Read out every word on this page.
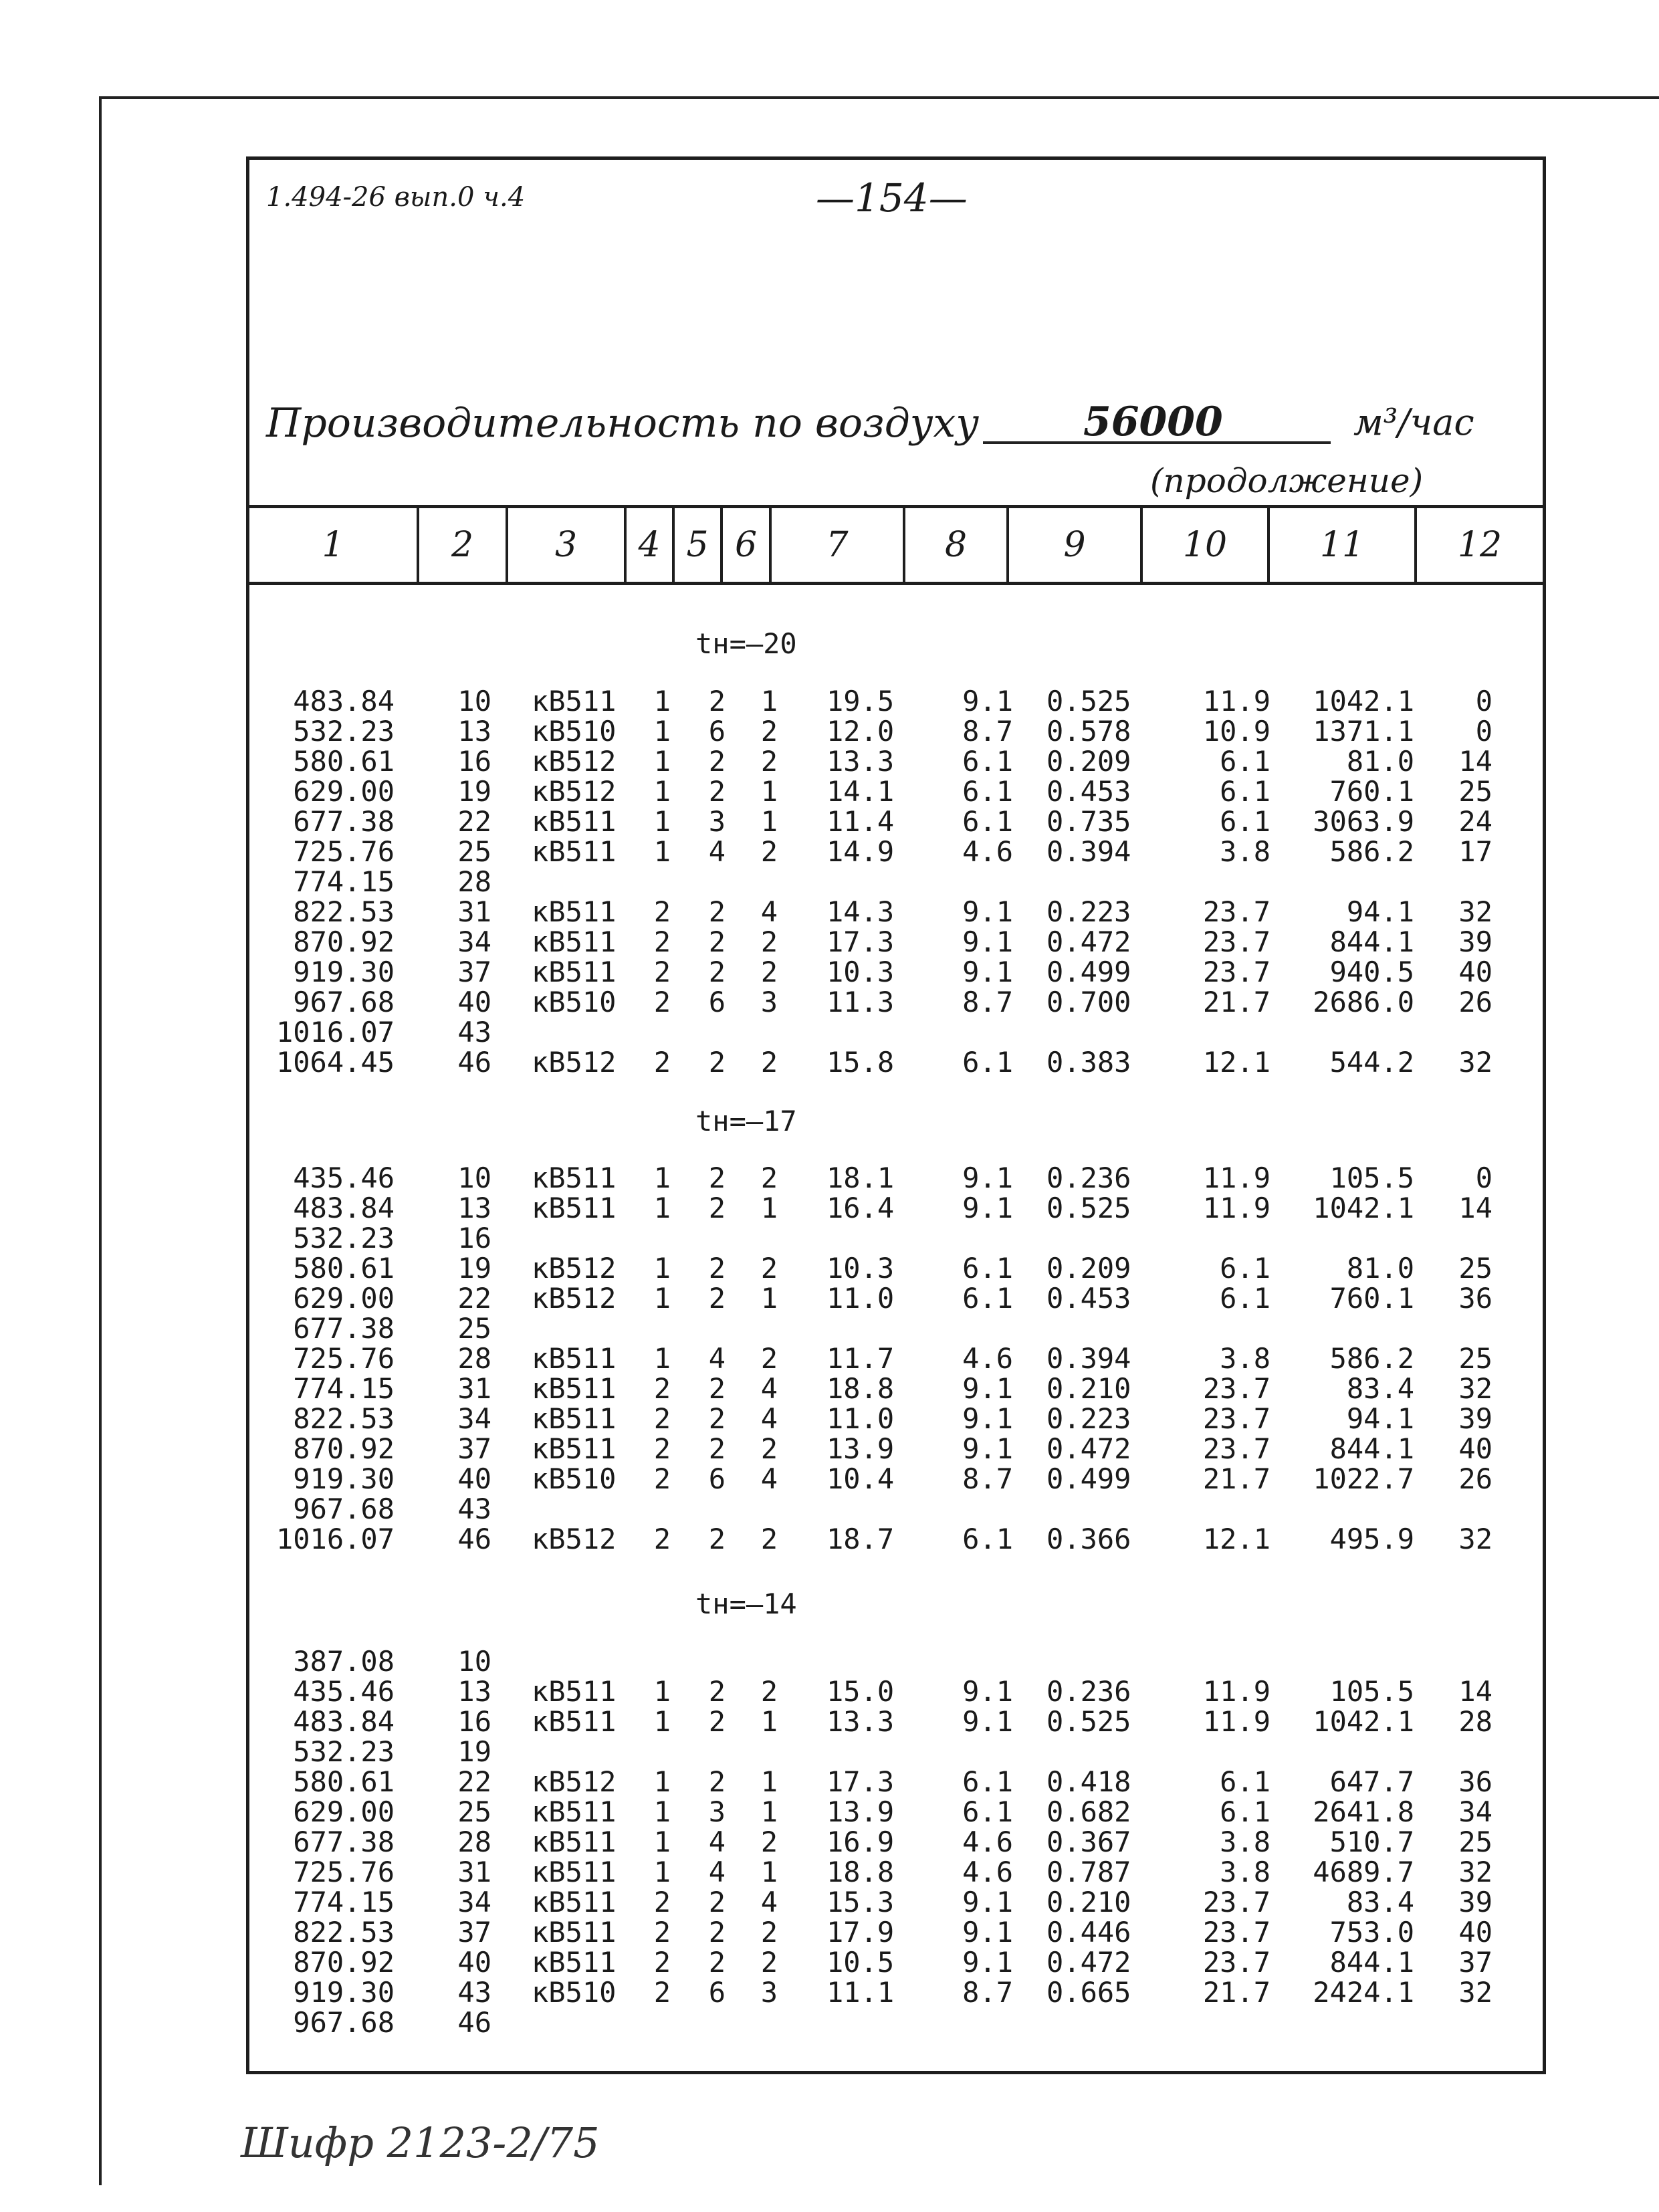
1.494-26 вып.0 ч.4	—154—
Производительность по воздуху	56000	м³/час
(продолжение)
1	2	3	4 5 6	7	8	9	10	11	12
tн=—20
483.84 10 кВ511 1 2 1 19.5 9.1 0.525	11.9 1042.1 0
532.23 13 кВ510 1 6 2 12.0 8.7 0.578	10.9 1371.1 0
580.61 16 кВ512 1 2 2 13.3 6.1 0.209	6.1	81.0 14
629.00 19 кВ512 1 2 1 14.1 6.1 0.453	6.1 760.1 25
677.38 22 кВ511 1 3 1 11.4 6.1 0.735	6.1 3063.9 24
725.76 25 кВ511 1 4 2 14.9 4.6 0.394	3.8 586.2 17
774.15 28
822.53 31 кВ511 2 2 4 14.3 9.1 0.223	23.7	94.1 32
870.92 34 кВ511 2 2 2 17.3 9.1 0.472	23.7 844.1 39
919.30 37 кВ511 2 2 2 10.3 9.1 0.499	23.7 940.5 40
967.68 40 кВ510 2 6 3 11.3 8.7 0.700	21.7 2686.0 26
1016.07 43
1064.45 46 кВ512 2 2 2 15.8 6.1 0.383	12.1 544.2 32
tн=—17
435.46 10 кВ511 1 2 2 18.1 9.1 0.236	11.9 105.5 0
483.84 13 кВ511 1 2 1 16.4 9.1 0.525	11.9 1042.1 14
532.23 16
580.61 19 кВ512 1 2 2 10.3 6.1 0.209	6.1	81.0 25
629.00 22 кВ512 1 2 1 11.0 6.1 0.453	6.1 760.1 36
677.38 25
725.76 28 кВ511 1 4 2 11.7 4.6 0.394	3.8 586.2 25
774.15 31 кВ511 2 2 4 18.8 9.1 0.210	23.7	83.4 32
822.53 34 кВ511 2 2 4 11.0 9.1 0.223	23.7	94.1 39
870.92 37 кВ511 2 2 2 13.9 9.1 0.472	23.7 844.1 40
919.30 40 кВ510 2 6 4 10.4 8.7 0.499	21.7 1022.7 26
967.68 43
1016.07 46 кВ512 2 2 2 18.7 6.1 0.366	12.1 495.9 32
tн=—14
387.08 10
435.46 13 кВ511 1 2 2 15.0 9.1 0.236	11.9 105.5 14
483.84 16 кВ511 1 2 1 13.3 9.1 0.525	11.9 1042.1 28
532.23 19
580.61 22 кВ512 1 2 1 17.3 6.1 0.418	6.1 647.7 36
629.00 25 кВ511 1 3 1 13.9 6.1 0.682	6.1 2641.8 34
677.38 28 кВ511 1 4 2 16.9 4.6 0.367	3.8 510.7 25
725.76 31 кВ511 1 4 1 18.8 4.6 0.787	3.8 4689.7 32
774.15 34 кВ511 2 2 4 15.3 9.1 0.210	23.7	83.4 39
822.53 37 кВ511 2 2 2 17.9 9.1 0.446	23.7 753.0 40
870.92 40 кВ511 2 2 2 10.5 9.1 0.472	23.7 844.1 37
919.30 43 кВ510 2 6 3 11.1 8.7 0.665	21.7 2424.1 32
967.68 46
Шифр 2123-2/75
